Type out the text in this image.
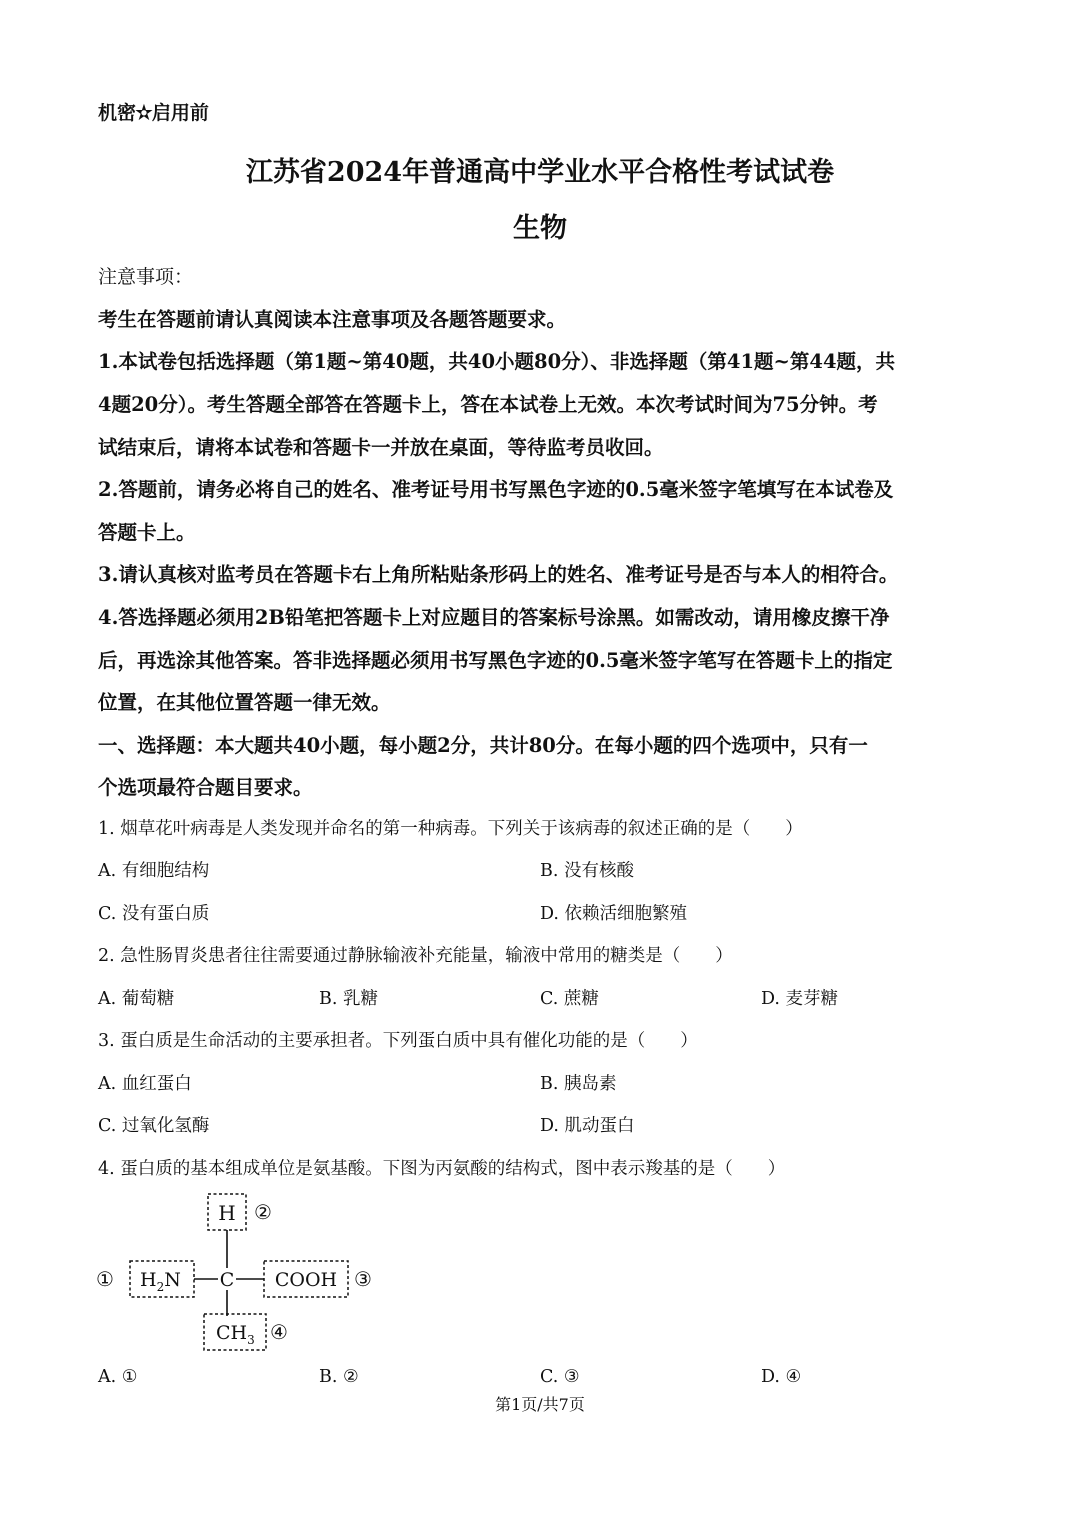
机密✫启用前
江苏省2024年普通高中学业水平合格性考试试卷
生物
注意事项：
考生在答题前请认真阅读本注意事项及各题答题要求。
1.本试卷包括选择题（第1题~第40题，共40小题80分）、非选择题（第41题~第44题，共
4题20分）。考生答题全部答在答题卡上，答在本试卷上无效。本次考试时间为75分钟。考
试结束后，请将本试卷和答题卡一并放在桌面，等待监考员收回。
2.答题前，请务必将自己的姓名、准考证号用书写黑色字迹的0.5毫米签字笔填写在本试卷及
答题卡上。
3.请认真核对监考员在答题卡右上角所粘贴条形码上的姓名、准考证号是否与本人的相符合。
4.答选择题必须用2B铅笔把答题卡上对应题目的答案标号涂黑。如需改动，请用橡皮擦干净
后，再选涂其他答案。答非选择题必须用书写黑色字迹的0.5毫米签字笔写在答题卡上的指定
位置，在其他位置答题一律无效。
一、选择题：本大题共40小题，每小题2分，共计80分。在每小题的四个选项中，只有一
个选项最符合题目要求。
1. 烟草花叶病毒是人类发现并命名的第一种病毒。下列关于该病毒的叙述正确的是（　　）
A. 有细胞结构	B. 没有核酸
C. 没有蛋白质	D. 依赖活细胞繁殖
2. 急性肠胃炎患者往往需要通过静脉输液补充能量，输液中常用的糖类是（　　）
A. 葡萄糖	B. 乳糖	C. 蔗糖	D. 麦芽糖
3. 蛋白质是生命活动的主要承担者。下列蛋白质中具有催化功能的是（　　）
A. 血红蛋白	B. 胰岛素
C. 过氧化氢酶	D. 肌动蛋白
4. 蛋白质的基本组成单位是氨基酸。下图为丙氨酸的结构式，图中表示羧基的是（　　）
H ②
① $H_2N$ C COOH ③
$CH_3$ ④
A. ①	B. ②	C. ③	D. ④
第1页/共7页
